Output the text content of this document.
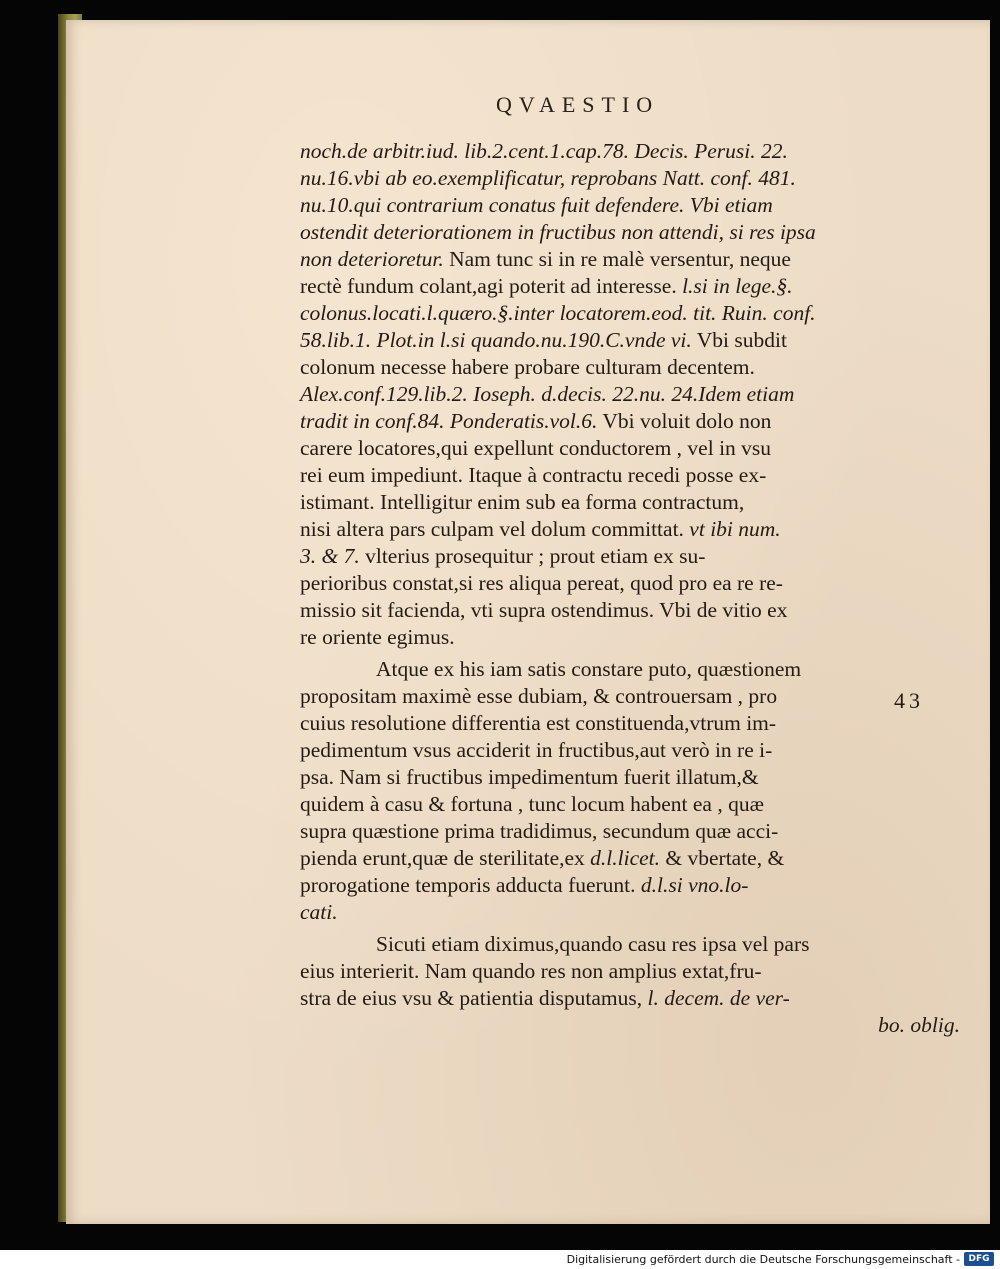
QVAESTIO
noch.de arbitr.iud. lib.2.cent.1.cap.78. Decis. Perusi. 22.
nu.16.vbi ab eo.exemplificatur, reprobans Natt. conf. 481.
nu.10.qui contrarium conatus fuit defendere. Vbi etiam
ostendit deteriorationem in fructibus non attendi, si res ipsa
non deterioretur. Nam tunc si in re malè versentur, neque
rectè fundum colant,agi poterit ad interesse. l.si in lege.§.
colonus.locati.l.quæro.§.inter locatorem.eod. tit. Ruin. conf.
58.lib.1. Plot.in l.si quando.nu.190.C.vnde vi. Vbi subdit
colonum necesse habere probare culturam decentem.
Alex.conf.129.lib.2. Ioseph. d.decis. 22.nu. 24.Idem etiam
tradit in conf.84. Ponderatis.vol.6. Vbi voluit dolo non
carere locatores,qui expellunt conductorem , vel in vsu
rei eum impediunt. Itaque à contractu recedi posse ex-
istimant. Intelligitur enim sub ea forma contractum,
nisi altera pars culpam vel dolum committat. vt ibi num.
3. & 7. vlterius prosequitur ; prout etiam ex su-
perioribus constat,si res aliqua pereat, quod pro ea re re-
missio sit facienda, vti supra ostendimus. Vbi de vitio ex
re oriente egimus.
Atque ex his iam satis constare puto, quæstionem
propositam maximè esse dubiam, & controuersam , pro
cuius resolutione differentia est constituenda,vtrum im-
pedimentum vsus acciderit in fructibus,aut verò in re i-
psa. Nam si fructibus impedimentum fuerit illatum,&
quidem à casu & fortuna , tunc locum habent ea , quæ
supra quæstione prima tradidimus, secundum quæ acci-
pienda erunt,quæ de sterilitate,ex d.l.licet. & vbertate, &
prorogatione temporis adducta fuerunt. d.l.si vno.lo-
cati.
Sicuti etiam diximus,quando casu res ipsa vel pars
eius interierit. Nam quando res non amplius extat,fru-
stra de eius vsu & patientia disputamus, l. decem. de ver-
bo. oblig.
43
Digitalisierung gefördert durch die Deutsche Forschungsgemeinschaft - DFG
